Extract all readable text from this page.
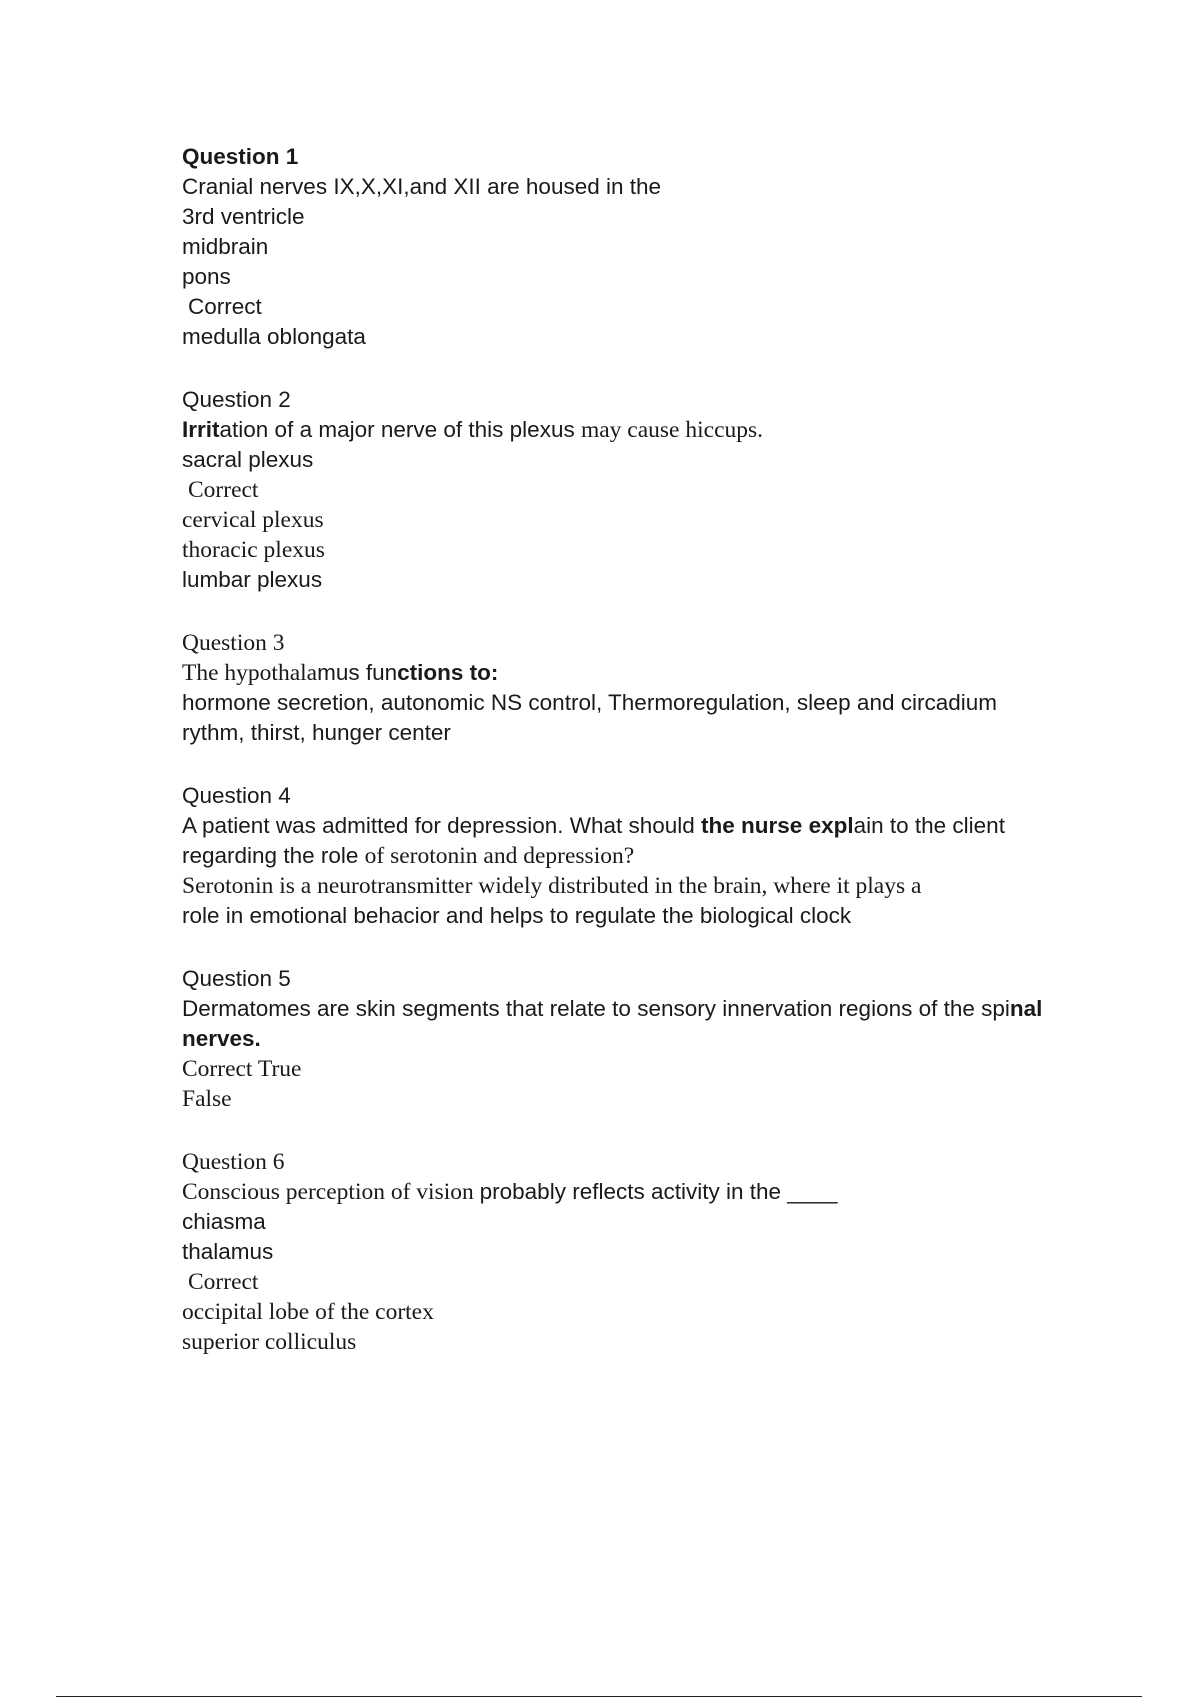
Question 1

Cranial nerves IX,X,XI,and XII are housed in the

3rd ventricle

midbrain

pons

Correct

medulla oblongata

Question 2

Irritation of a major nerve of this plexus may cause hiccups.

sacral plexus

Correct

cervical plexus

thoracic plexus

lumbar plexus

Question 3

The hypothalamus functions to:

hormone secretion, autonomic NS control, Thermoregulation, sleep and circadium rythm, thirst, hunger center

Question 4

A patient was admitted for depression. What should the nurse explain to the client regarding the role of serotonin and depression?

Serotonin is a neurotransmitter widely distributed in the brain, where it plays a

role in emotional behacior and helps to regulate the biological clock

Question 5

Dermatomes are skin segments that relate to sensory innervation regions of the spinal nerves.

Correct True

False

Question 6

Conscious perception of vision probably reflects activity in the ____

chiasma

thalamus

Correct

occipital lobe of the cortex

superior colliculus
